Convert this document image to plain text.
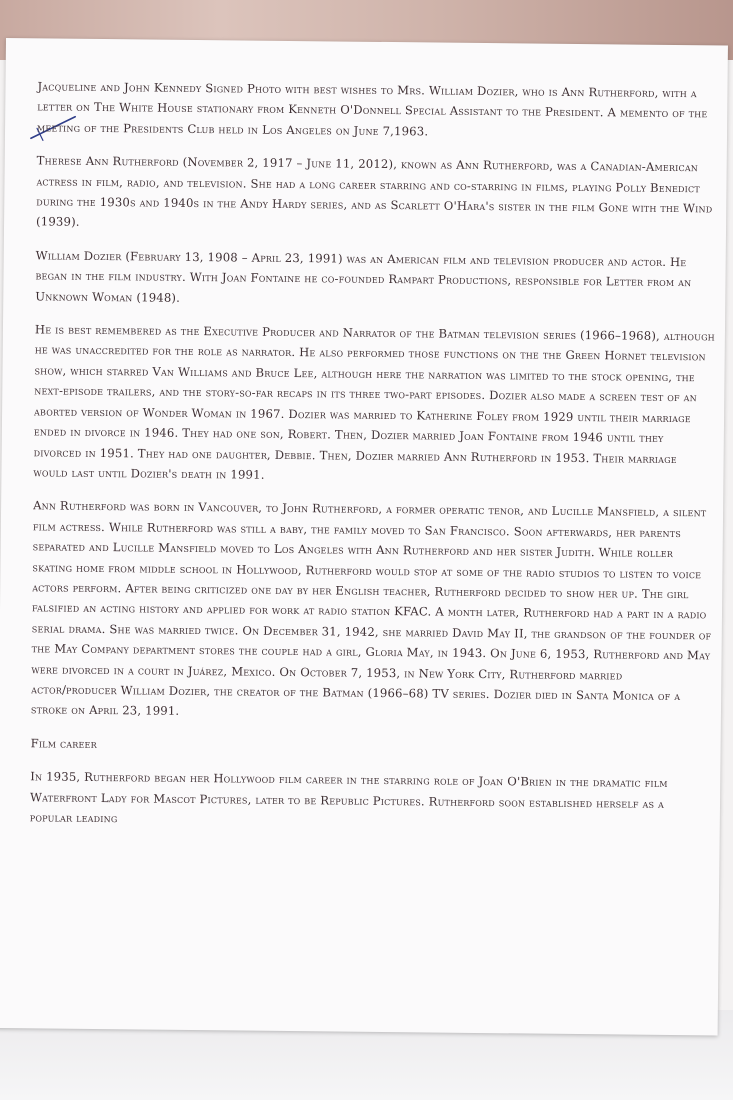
Jacqueline and John Kennedy Signed Photo with best wishes to Mrs. William Dozier, who is Ann Rutherford, with a letter on The White House stationary from Kenneth O'Donnell Special Assistant to the President. A memento of the meeting of the Presidents Club held in Los Angeles on June 7,1963.

Therese Ann Rutherford (November 2, 1917 – June 11, 2012), known as Ann Rutherford, was a Canadian-American actress in film, radio, and television. She had a long career starring and co-starring in films, playing Polly Benedict during the 1930s and 1940s in the Andy Hardy series, and as Scarlett O'Hara's sister in the film Gone with the Wind (1939).

William Dozier (February 13, 1908 – April 23, 1991) was an American film and television producer and actor. He began in the film industry. With Joan Fontaine he co-founded Rampart Productions, responsible for Letter from an Unknown Woman (1948).

He is best remembered as the Executive Producer and Narrator of the Batman television series (1966–1968), although he was unaccredited for the role as narrator. He also performed those functions on the the Green Hornet television show, which starred Van Williams and Bruce Lee, although here the narration was limited to the stock opening, the next-episode trailers, and the story-so-far recaps in its three two-part episodes. Dozier also made a screen test of an aborted version of Wonder Woman in 1967. Dozier was married to Katherine Foley from 1929 until their marriage ended in divorce in 1946. They had one son, Robert. Then, Dozier married Joan Fontaine from 1946 until they divorced in 1951. They had one daughter, Debbie. Then, Dozier married Ann Rutherford in 1953. Their marriage would last until Dozier's death in 1991.

Ann Rutherford was born in Vancouver, to John Rutherford, a former operatic tenor, and Lucille Mansfield, a silent film actress. While Rutherford was still a baby, the family moved to San Francisco. Soon afterwards, her parents separated and Lucille Mansfield moved to Los Angeles with Ann Rutherford and her sister Judith. While roller skating home from middle school in Hollywood, Rutherford would stop at some of the radio studios to listen to voice actors perform. After being criticized one day by her English teacher, Rutherford decided to show her up. The girl falsified an acting history and applied for work at radio station KFAC. A month later, Rutherford had a part in a radio serial drama. She was married twice. On December 31, 1942, she married David May II, the grandson of the founder of the May Company department stores the couple had a girl, Gloria May, in 1943. On June 6, 1953, Rutherford and May were divorced in a court in Juárez, Mexico. On October 7, 1953, in New York City, Rutherford married actor/producer William Dozier, the creator of the Batman (1966–68) TV series. Dozier died in Santa Monica of a stroke on April 23, 1991.

Film career

In 1935, Rutherford began her Hollywood film career in the starring role of Joan O'Brien in the dramatic film Waterfront Lady for Mascot Pictures, later to be Republic Pictures. Rutherford soon established herself as a popular leading
